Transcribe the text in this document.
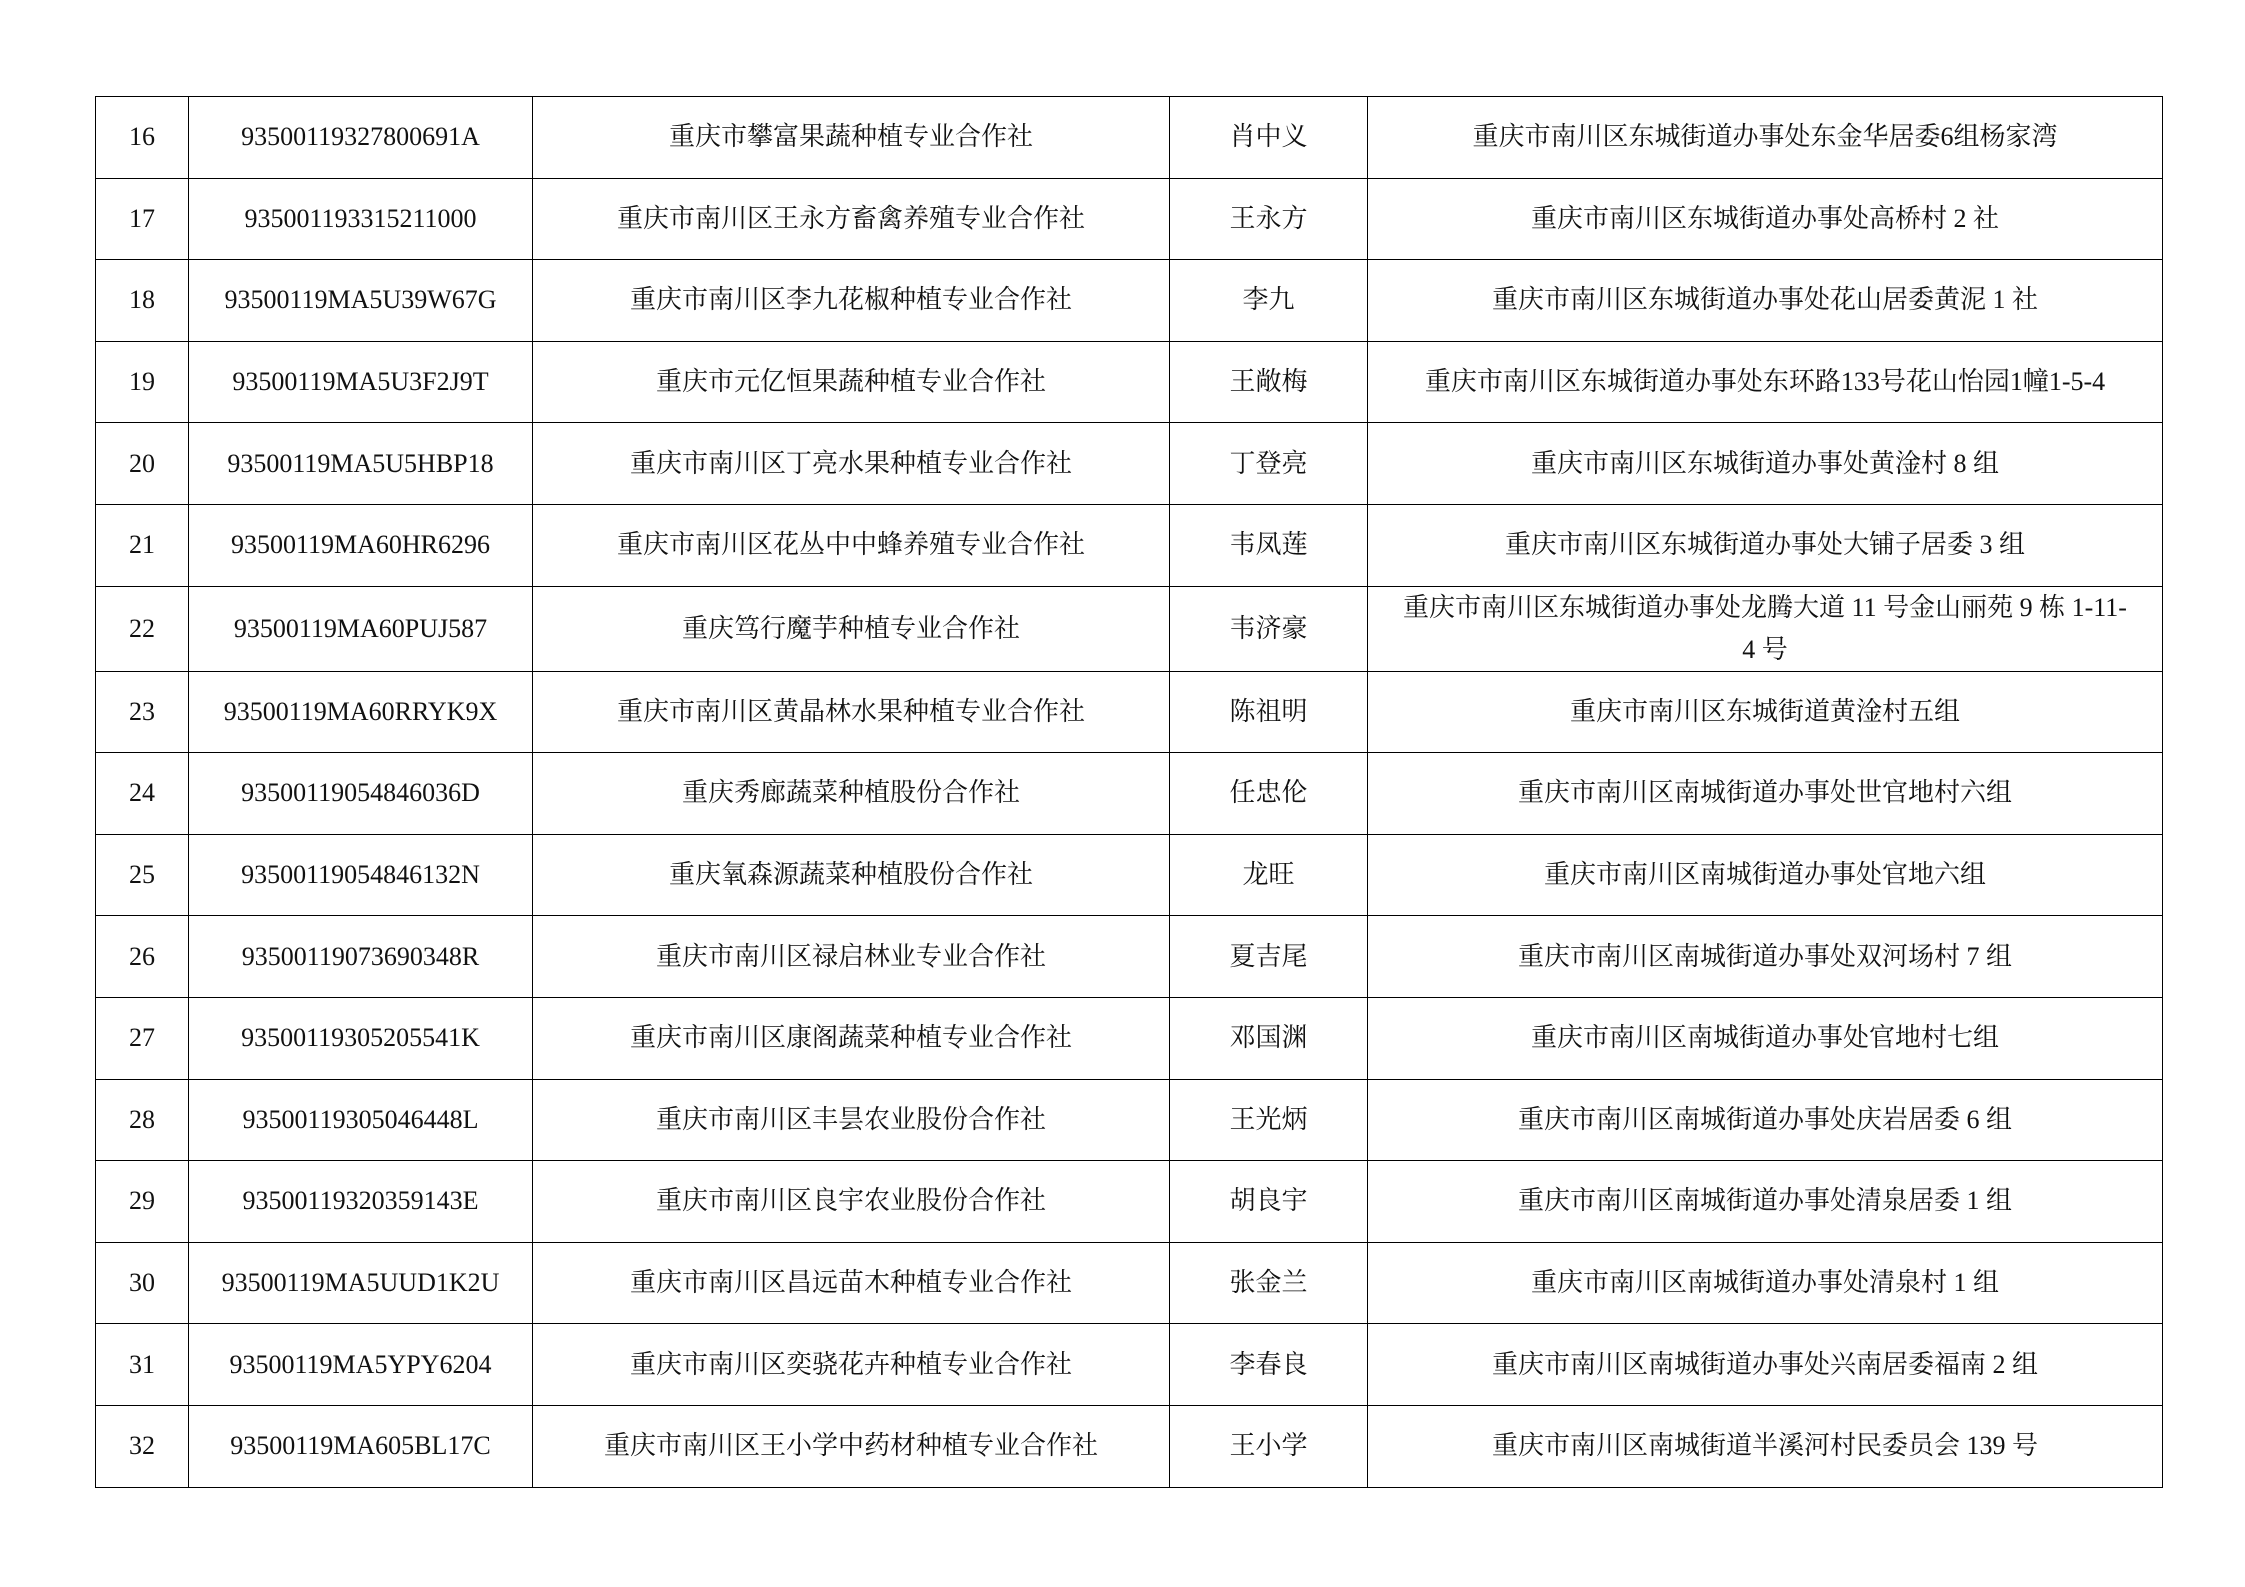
16	93500119327800691A	重庆市攀富果蔬种植专业合作社	肖中义	重庆市南川区东城街道办事处东金华居委6组杨家湾
17	935001193315211000	重庆市南川区王永方畜禽养殖专业合作社	王永方	重庆市南川区东城街道办事处高桥村 2 社
18	93500119MA5U39W67G	重庆市南川区李九花椒种植专业合作社	李九	重庆市南川区东城街道办事处花山居委黄泥 1 社
19	93500119MA5U3F2J9T	重庆市元亿恒果蔬种植专业合作社	王敞梅	重庆市南川区东城街道办事处东环路133号花山怡园1幢1-5-4
20	93500119MA5U5HBP18	重庆市南川区丁亮水果种植专业合作社	丁登亮	重庆市南川区东城街道办事处黄淦村 8 组
21	93500119MA60HR6296	重庆市南川区花丛中中蜂养殖专业合作社	韦凤莲	重庆市南川区东城街道办事处大铺子居委 3 组
22	93500119MA60PUJ587	重庆笃行魔芋种植专业合作社	韦济豪	重庆市南川区东城街道办事处龙腾大道 11 号金山丽苑 9 栋 1-11-4 号
23	93500119MA60RRYK9X	重庆市南川区黄晶林水果种植专业合作社	陈祖明	重庆市南川区东城街道黄淦村五组
24	93500119054846036D	重庆秀廊蔬菜种植股份合作社	任忠伦	重庆市南川区南城街道办事处世官地村六组
25	93500119054846132N	重庆氧森源蔬菜种植股份合作社	龙旺	重庆市南川区南城街道办事处官地六组
26	93500119073690348R	重庆市南川区禄启林业专业合作社	夏吉尾	重庆市南川区南城街道办事处双河场村 7 组
27	93500119305205541K	重庆市南川区康阁蔬菜种植专业合作社	邓国渊	重庆市南川区南城街道办事处官地村七组
28	93500119305046448L	重庆市南川区丰昙农业股份合作社	王光炳	重庆市南川区南城街道办事处庆岩居委 6 组
29	93500119320359143E	重庆市南川区良宇农业股份合作社	胡良宇	重庆市南川区南城街道办事处清泉居委 1 组
30	93500119MA5UUD1K2U	重庆市南川区昌远苗木种植专业合作社	张金兰	重庆市南川区南城街道办事处清泉村 1 组
31	93500119MA5YPY6204	重庆市南川区奕骁花卉种植专业合作社	李春良	重庆市南川区南城街道办事处兴南居委福南 2 组
32	93500119MA605BL17C	重庆市南川区王小学中药材种植专业合作社	王小学	重庆市南川区南城街道半溪河村民委员会 139 号
